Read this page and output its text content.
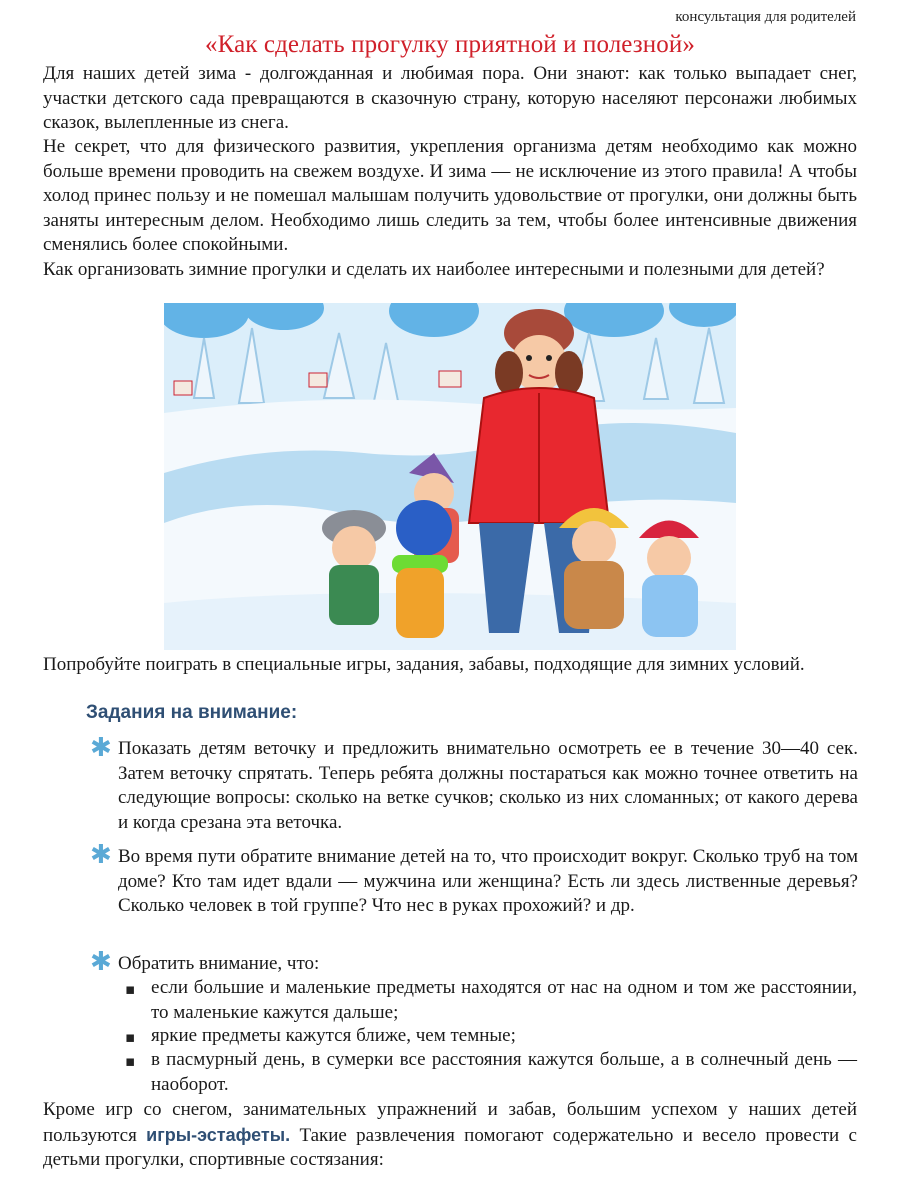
консультация для родителей
«Как сделать прогулку приятной и полезной»
Для наших детей зима - долгожданная и любимая пора. Они знают: как только выпадает снег, участки детского сада превращаются в сказочную страну, которую населяют персонажи любимых сказок, вылепленные из снега.
Не секрет, что для физического развития, укрепления организма детям необходимо как можно больше времени проводить на свежем воздухе. И зима — не исключение из этого правила! А чтобы холод принес пользу и не помешал малышам получить удовольствие от прогулки, они должны быть заняты интересным делом. Необходимо лишь следить за тем, чтобы более интенсивные движения сменялись более спокойными.
Как организовать зимние прогулки и сделать их наиболее интересными и полезными для детей?
Попробуйте поиграть в специальные игры, задания, забавы, подходящие для зимних условий.
Задания на внимание:
✱ Показать детям веточку и предложить внимательно осмотреть ее в течение 30—40 сек. Затем веточку спрятать. Теперь ребята должны постараться как можно точнее ответить на следующие вопросы: сколько на ветке сучков; сколько из них сломанных; от какого дерева и когда срезана эта веточка.
✱ Во время пути обратите внимание детей на то, что происходит вокруг. Сколько труб на том доме? Кто там идет вдали — мужчина или женщина? Есть ли здесь лиственные деревья? Сколько человек в той группе? Что нес в руках прохожий? и др.
✱ Обратить внимание, что:
▪ если большие и маленькие предметы находятся от нас на одном и том же расстоянии, то маленькие кажутся дальше;
▪ яркие предметы кажутся ближе, чем темные;
▪ в пасмурный день, в сумерки все расстояния кажутся больше, а в солнечный день — наоборот.
Кроме игр со снегом, занимательных упражнений и забав, большим успехом у наших детей пользуются игры-эстафеты. Такие развлечения помогают содержательно и весело провести с детьми прогулки, спортивные состязания:
